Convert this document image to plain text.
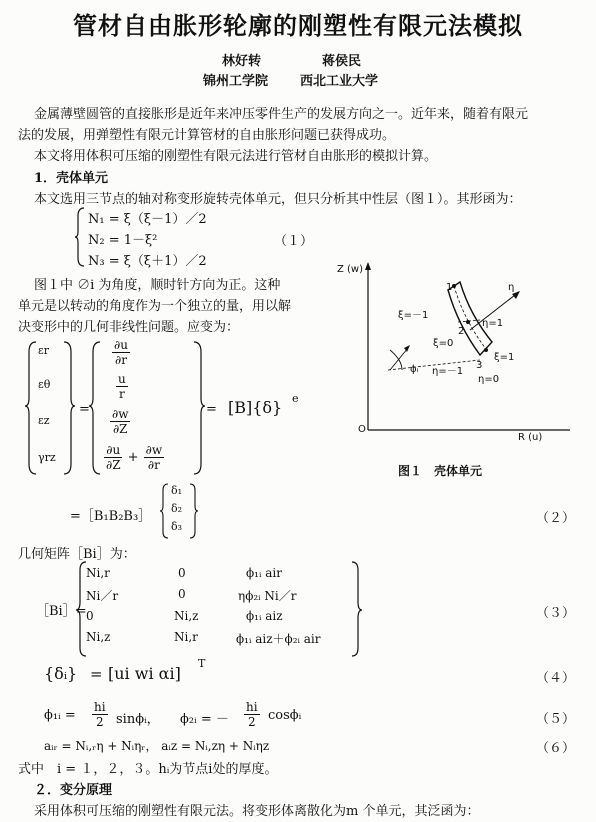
管材自由胀形轮廓的刚塑性有限元法模拟
林好转	蒋侯民
锦州工学院 西北工业大学
金属薄壁圆管的直接胀形是近年来冲压零件生产的发展方向之一。近年来，随着有限元
法的发展，用弹塑性有限元计算管材的自由胀形问题已获得成功。
本文将用体积可压缩的刚塑性有限元法进行管材自由胀形的模拟计算。
1．壳体单元
本文选用三节点的轴对称变形旋转壳体单元，但只分析其中性层（图１）。其形函为：
N₁ = ξ（ξ－1）／2
N₂ = 1－ξ²
N₃ = ξ（ξ＋1）／2
（１）
图１中 ∅i 为角度，顺时针方向为正。这种
单元是以转动的角度作为一个独立的量，用以解
决变形中的几何非线性问题。应变为：
εr
εθ
εz
γrz
=
$\frac{\partial u}{\partial r}$
$\frac{u}{r}$
$\frac{\partial w}{\partial Z}$
$\frac{\partial u}{\partial Z} + \frac{\partial w}{\partial r}$
= [B]{δ} e
=［B₁B₂B₃］
δ₁
δ₂
δ₃
（２）
几何矩阵［Bi］为：
［Bi］=
Ni,r	0	ϕ₁ᵢ air
Ni／r	0	ηϕ₂ᵢ Ni／r
0	Ni,z	ϕ₁ᵢ aiz
Ni,z	Ni,r	ϕ₁ᵢ aiz＋ϕ₂ᵢ air
（３）
{δᵢ} = [ui wi αi]
T
（４）
ϕ₁ᵢ = $\frac{hi}{2}$ sinϕᵢ， ϕ₂ᵢ = － $\frac{hi}{2}$ cosϕᵢ	（５）
aᵢᵣ = Nᵢ,ᵣη + Nᵢηᵣ， aᵢz = Nᵢ,zη + Nᵢηz	（６）
式中　i = １，２，３。hᵢ为节点i处的厚度。
２．变分原理
采用体积可压缩的刚塑性有限元法。将变形体离散化为m 个单元，其泛函为：
Z (w)
R (u)
O
η
ξ=－1
ξ=0
ξ=1
η=1
η=0
η=－1
ϕᵢ
1
2
3
图１　壳体单元
